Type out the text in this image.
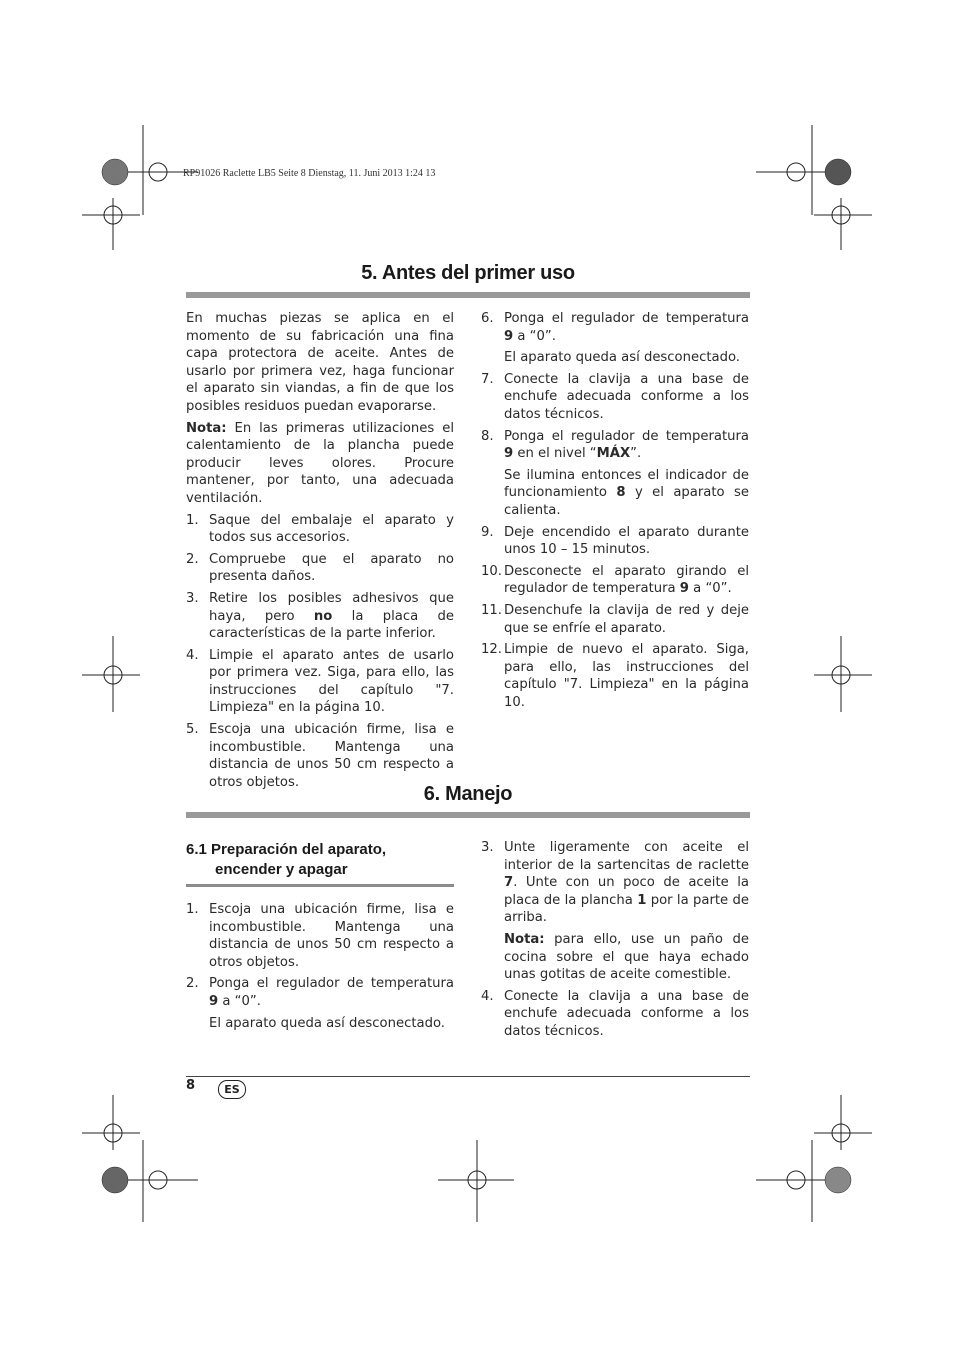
RP91026 Raclette LB5 Seite 8 Dienstag, 11. Juni 2013 1:24 13
5. Antes del primer uso

En muchas piezas se aplica en el momento de su fabricación una fina capa protectora de aceite. Antes de usarlo por primera vez, haga funcionar el aparato sin viandas, a fin de que los posibles residuos puedan evaporarse.

Nota: En las primeras utilizaciones el calentamiento de la plancha puede producir leves olores. Procure mantener, por tanto, una adecuada ventilación.

1. Saque del embalaje el aparato y todos sus accesorios.
2. Compruebe que el aparato no presenta daños.
3. Retire los posibles adhesivos que haya, pero no la placa de características de la parte inferior.
4. Limpie el aparato antes de usarlo por primera vez. Siga, para ello, las instrucciones del capítulo "7. Limpieza" en la página 10.
5. Escoja una ubicación firme, lisa e incombustible. Mantenga una distancia de unos 50 cm respecto a otros objetos.
6. Ponga el regulador de temperatura 9 a “0”.

El aparato queda así desconectado.

7. Conecte la clavija a una base de enchufe adecuada conforme a los datos técnicos.
8. Ponga el regulador de temperatura 9 en el nivel “MÁX”.

Se ilumina entonces el indicador de funcionamiento 8 y el aparato se calienta.

9. Deje encendido el aparato durante unos 10 – 15 minutos.
10. Desconecte el aparato girando el regulador de temperatura 9 a “0”.
11. Desenchufe la clavija de red y deje que se enfríe el aparato.
12. Limpie de nuevo el aparato. Siga, para ello, las instrucciones del capítulo "7. Limpieza" en la página 10.
6. Manejo
6.1 Preparación del aparato,
encender y apagar
1. Escoja una ubicación firme, lisa e incombustible. Mantenga una distancia de unos 50 cm respecto a otros objetos.
2. Ponga el regulador de temperatura 9 a “0”.

El aparato queda así desconectado.

3. Unte ligeramente con aceite el interior de la sartencitas de raclette 7. Unte con un poco de aceite la placa de la plancha 1 por la parte de arriba.

Nota: para ello, use un paño de cocina sobre el que haya echado unas gotitas de aceite comestible.

4. Conecte la clavija a una base de enchufe adecuada conforme a los datos técnicos.
8	ES
